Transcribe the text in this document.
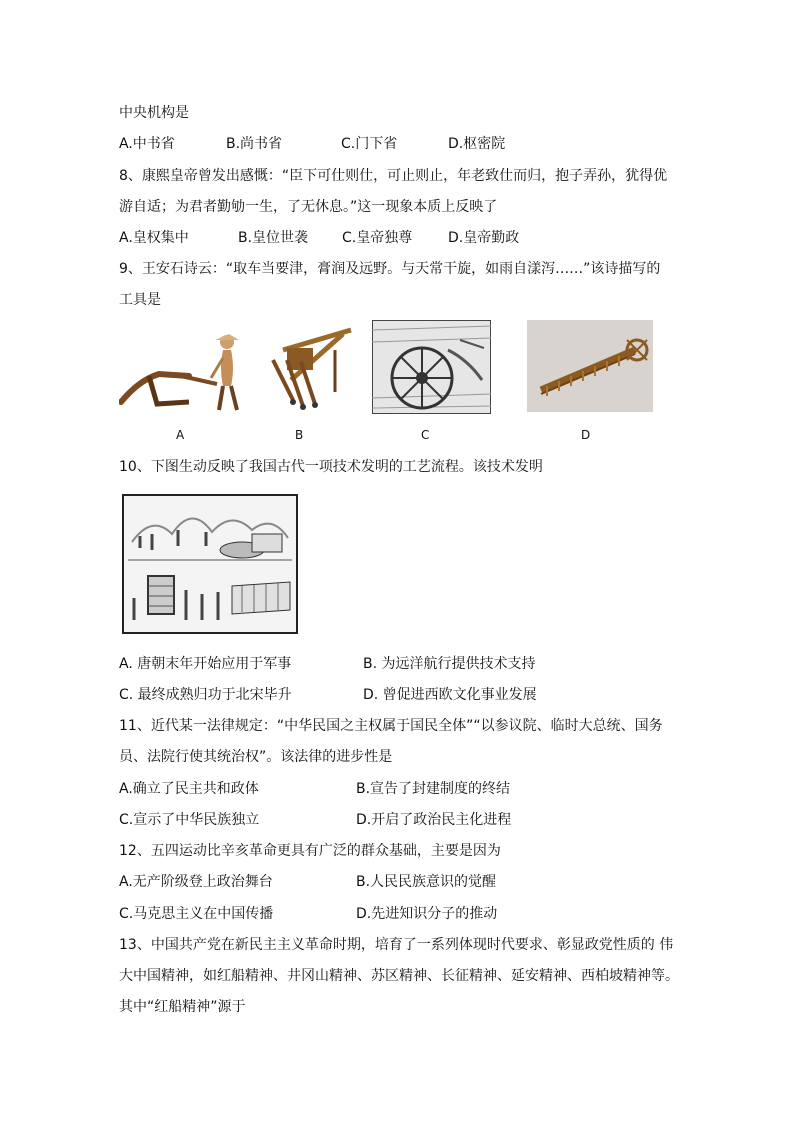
中央机构是
A.中书省	B.尚书省	C.门下省	D.枢密院
8、康熙皇帝曾发出感慨：“臣下可仕则仕，可止则止，年老致仕而归，抱子弄孙，犹得优
游自适；为君者勤劬一生，了无休息。”这一现象本质上反映了
A.皇权集中	B.皇位世袭 C.皇帝独尊	D.皇帝勤政
9、王安石诗云：“取车当要津，膏润及远野。与天常干旋，如雨自漾泻……”该诗描写的
工具是
A	B	C	D
10、下图生动反映了我国古代一项技术发明的工艺流程。该技术发明
A. 唐朝末年开始应用于军事	B. 为远洋航行提供技术支持
C. 最终成熟归功于北宋毕升	D. 曾促进西欧文化事业发展
11、近代某一法律规定：“中华民国之主权属于国民全体”“以参议院、临时大总统、国务
员、法院行使其统治权”。该法律的进步性是
A.确立了民主共和政体	B.宣告了封建制度的终结
C.宣示了中华民族独立	D.开启了政治民主化进程
12、五四运动比辛亥革命更具有广泛的群众基础，主要是因为
A.无产阶级登上政治舞台	B.人民民族意识的觉醒
C.马克思主义在中国传播	D.先进知识分子的推动
13、中国共产党在新民主主义革命时期，培育了一系列体现时代要求、彰显政党性质的 伟
大中国精神，如红船精神、井冈山精神、苏区精神、长征精神、延安精神、西柏坡精神等。
其中“红船精神”源于
